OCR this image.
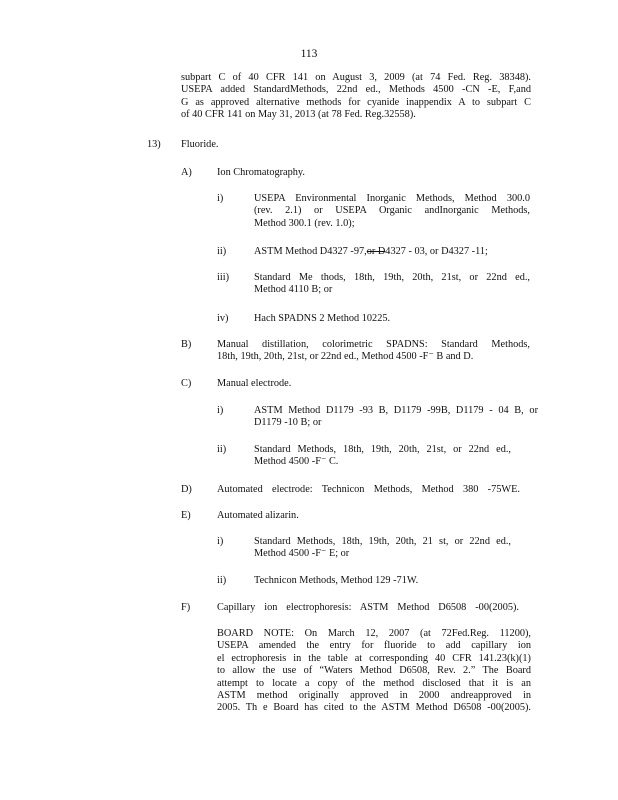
113
subpart C of 40 CFR 141 on August 3, 2009 (at 74 Fed. Reg. 38348).
USEPA added StandardMethods, 22nd ed., Methods 4500 -CN -E, F,and
G as approved alternative methods for cyanide inappendix A to subpart C
of 40 CFR 141 on May 31, 2013 (at 78 Fed. Reg.32558).
13) Fluoride.
A) Ion Chromatography.
i)	USEPA Environmental Inorganic Methods, Method 300.0
(rev. 2.1) or USEPA Organic andInorganic Methods,
Method 300.1 (rev. 1.0);
ii)	ASTM Method D4327 -97,or D4327 - 03, or D4327 -11;
iii) Standard Me thods, 18th, 19th, 20th, 21st, or 22nd ed.,
Method 4110 B; or
iv) Hach SPADNS 2 Method 10225.
B) Manual distillation, colorimetric SPADNS: Standard Methods,
18th, 19th, 20th, 21st, or 22nd ed., Method 4500 -F⁻ B and D.
C) Manual electrode.
i)	ASTM Method D1179 -93 B, D1179 -99B, D1179 - 04 B, or
D1179 -10 B; or
ii)	Standard Methods, 18th, 19th, 20th, 21st, or 22nd ed.,
Method 4500 -F⁻ C.
D) Automated electrode: Technicon Methods, Method 380 -75WE.
E)	Automated alizarin.
i)	Standard Methods, 18th, 19th, 20th, 21 st, or 22nd ed.,
Method 4500 -F⁻ E; or
ii)	Technicon Methods, Method 129 -71W.
F)	Capillary ion electrophoresis: ASTM Method D6508 -00(2005).
BOARD NOTE: On March 12, 2007 (at 72Fed.Reg. 11200),
USEPA amended the entry for fluoride to add capillary ion
el ectrophoresis in the table at corresponding 40 CFR 141.23(k)(1)
to allow the use of “Waters Method D6508, Rev. 2.” The Board
attempt to locate a copy of the method disclosed that it is an
ASTM method originally approved in 2000 andreapproved in
2005. Th e Board has cited to the ASTM Method D6508 -00(2005).
